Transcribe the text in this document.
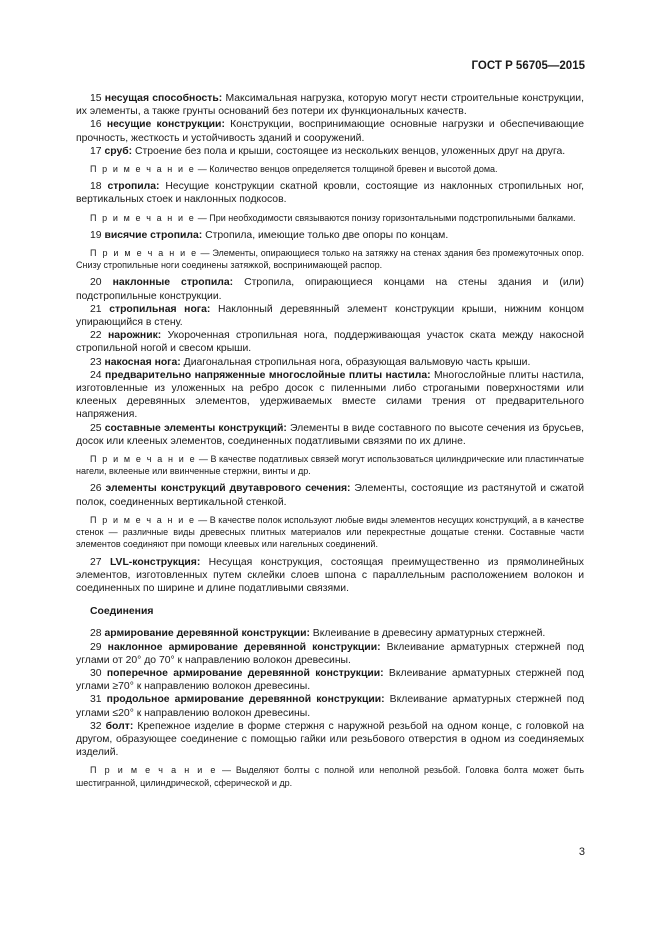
ГОСТ Р 56705—2015

15 несущая способность: Максимальная нагрузка, которую могут нести строительные конструкции, их элементы, а также грунты оснований без потери их функциональных качеств.

16 несущие конструкции: Конструкции, воспринимающие основные нагрузки и обеспечивающие прочность, жесткость и устойчивость зданий и сооружений.

17 сруб: Строение без пола и крыши, состоящее из нескольких венцов, уложенных друг на друга.

П р и м е ч а н и е — Количество венцов определяется толщиной бревен и высотой дома.

18 стропила: Несущие конструкции скатной кровли, состоящие из наклонных стропильных ног, вертикальных стоек и наклонных подкосов.

П р и м е ч а н и е — При необходимости связываются понизу горизонтальными подстропильными балками.

19 висячие стропила: Стропила, имеющие только две опоры по концам.

П р и м е ч а н и е — Элементы, опирающиеся только на затяжку на стенах здания без промежуточных опор. Снизу стропильные ноги соединены затяжкой, воспринимающей распор.

20 наклонные стропила: Стропила, опирающиеся концами на стены здания и (или) подстропильные конструкции.

21 стропильная нога: Наклонный деревянный элемент конструкции крыши, нижним концом упирающийся в стену.

22 нарожник: Укороченная стропильная нога, поддерживающая участок ската между накосной стропильной ногой и свесом крыши.

23 накосная нога: Диагональная стропильная нога, образующая вальмовую часть крыши.

24 предварительно напряженные многослойные плиты настила: Многослойные плиты настила, изготовленные из уложенных на ребро досок с пиленными либо строгаными поверхностями или клееных деревянных элементов, удерживаемых вместе силами трения от предварительного напряжения.

25 составные элементы конструкций: Элементы в виде составного по высоте сечения из брусьев, досок или клееных элементов, соединенных податливыми связями по их длине.

П р и м е ч а н и е — В качестве податливых связей могут использоваться цилиндрические или пластинчатые нагели, вклееные или ввинченные стержни, винты и др.

26 элементы конструкций двутаврового сечения: Элементы, состоящие из растянутой и сжатой полок, соединенных вертикальной стенкой.

П р и м е ч а н и е — В качестве полок используют любые виды элементов несущих конструкций, а в качестве стенок — различные виды древесных плитных материалов или перекрестные дощатые стенки. Составные части элементов соединяют при помощи клеевых или нагельных соединений.

27 LVL-конструкция: Несущая конструкция, состоящая преимущественно из прямолинейных элементов, изготовленных путем склейки слоев шпона с параллельным расположением волокон и соединенных по ширине и длине податливыми связями.

Соединения

28 армирование деревянной конструкции: Вклеивание в древесину арматурных стержней.

29 наклонное армирование деревянной конструкции: Вклеивание арматурных стержней под углами от 20° до 70° к направлению волокон древесины.

30 поперечное армирование деревянной конструкции: Вклеивание арматурных стержней под углами ≥70° к направлению волокон древесины.

31 продольное армирование деревянной конструкции: Вклеивание арматурных стержней под углами ≤20° к направлению волокон древесины.

32 болт: Крепежное изделие в форме стержня с наружной резьбой на одном конце, с головкой на другом, образующее соединение с помощью гайки или резьбового отверстия в одном из соединяемых изделий.

П р и м е ч а н и е — Выделяют болты с полной или неполной резьбой. Головка болта может быть шестигранной, цилиндрической, сферической и др.

3
